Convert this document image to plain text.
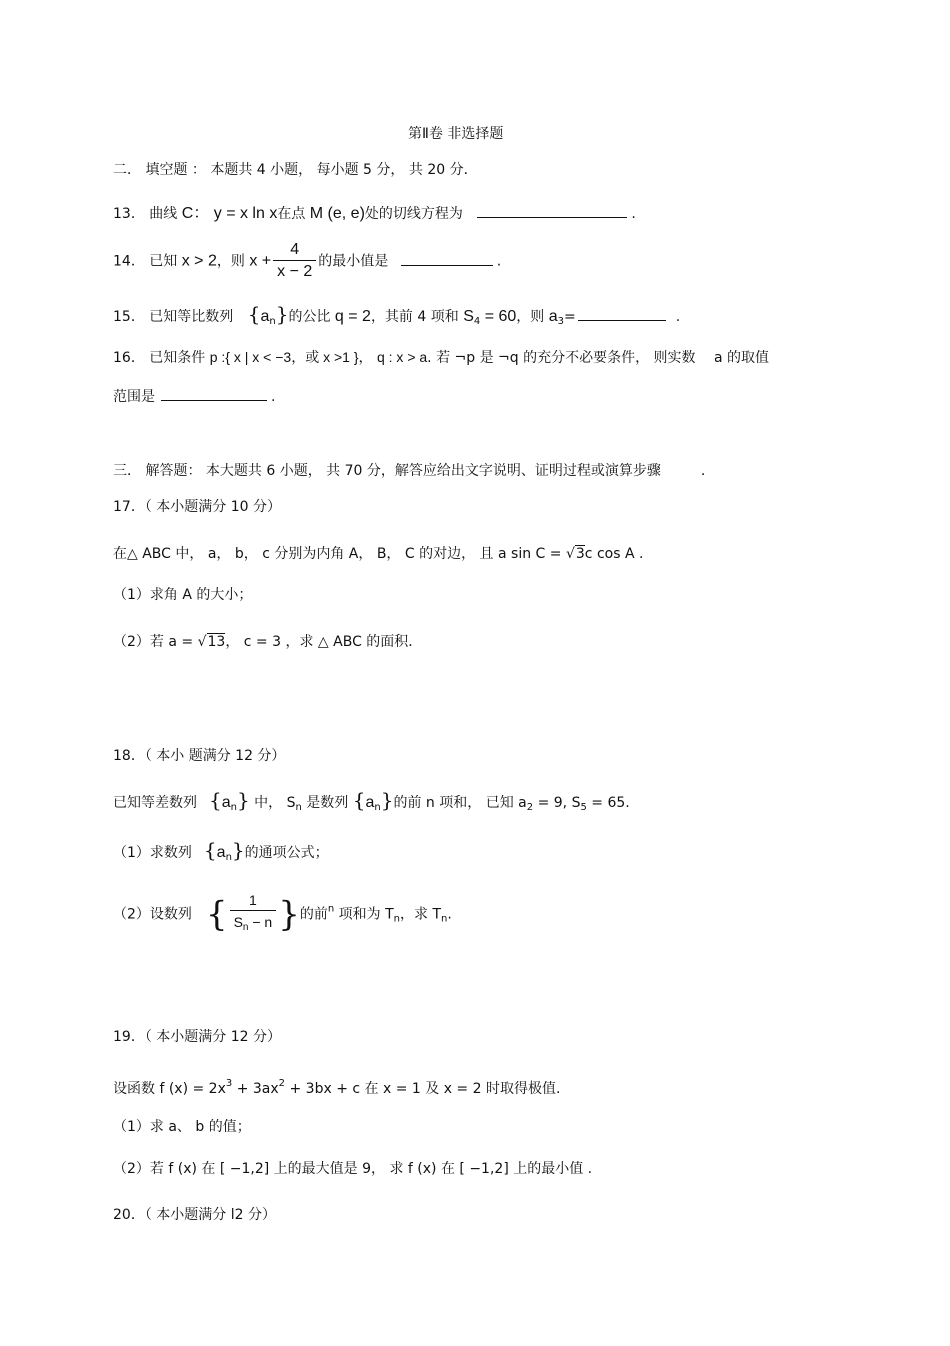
第Ⅱ卷 非选择题
二． 填空题 ： 本题共 4 小题， 每小题 5 分， 共 20 分．
13． 曲线 C： y = x ln x在点 M (e, e)处的切线方程为	.
14． 已知 x > 2，则 $x + \frac{4}{x - 2}$ 的最小值是	.
15． 已知等比数列 $\{a_n\}$的公比 q = 2，其前 4 项和 $S_4 = 60$，则 $a_3=$	.
16． 已知条件 p :{ x | x < −3，或 x >1 }， q : x > a. 若 ¬p 是 ¬q 的充分不必要条件， 则实数 a 的取值
范围是	.
三． 解答题： 本大题共 6 小题， 共 70 分，解答应给出文字说明、证明过程或演算步骤	.
17．（ 本小题满分 10 分）
在△ ABC 中， a， b， c 分别为内角 A， B， C 的对边， 且 a sin C = √3c cos A .
（1）求角 A 的大小；
（2）若 a = √13， c = 3 ，求 △ ABC 的面积．
18．（ 本小 题满分 12 分）
已知等差数列 $\{a_n\}$ 中， $S_n$ 是数列 $\{a_n\}$的前 n 项和， 已知 $a_2 = 9$, $S_5 = 65$.
（1）求数列 $\{a_n\}$的通项公式；
（2）设数列 { $\frac{1}{S_n - n}$ }的前$^n$ 项和为 $T_n$，求 $T_n$.
19．（ 本小题满分 12 分）
设函数 f $(x) = 2x^3 + 3ax^2 + 3bx + c$ 在 x = 1 及 x = 2 时取得极值.
（1）求 a、 b 的值；
（2）若 f (x) 在 [ −1,2] 上的最大值是 9， 求 f (x) 在 [ −1,2] 上的最小值 .
20．（ 本小题满分 l2 分）
